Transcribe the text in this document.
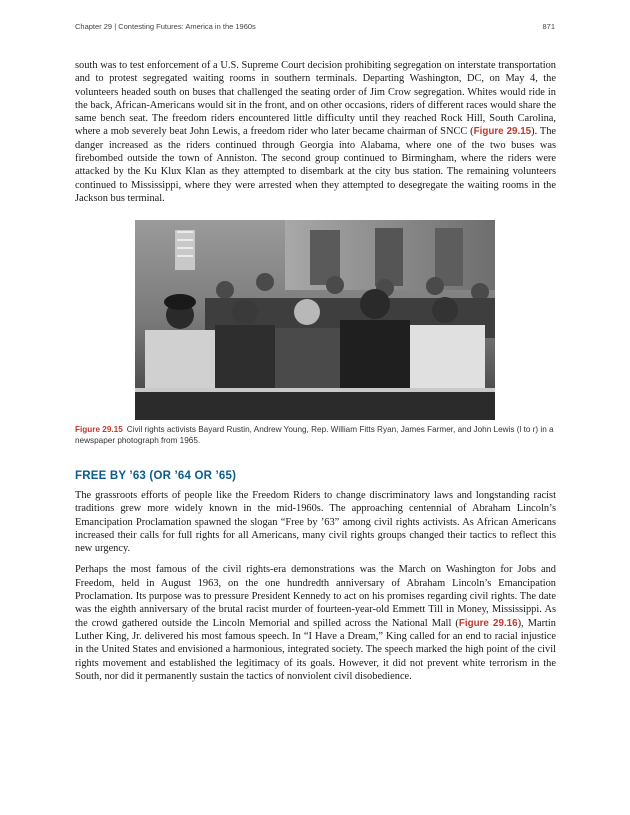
Chapter 29 | Contesting Futures: America in the 1960s	871

south was to test enforcement of a U.S. Supreme Court decision prohibiting segregation on interstate transportation and to protest segregated waiting rooms in southern terminals. Departing Washington, DC, on May 4, the volunteers headed south on buses that challenged the seating order of Jim Crow segregation. Whites would ride in the back, African-Americans would sit in the front, and on other occasions, riders of different races would share the same bench seat. The freedom riders encountered little difficulty until they reached Rock Hill, South Carolina, where a mob severely beat John Lewis, a freedom rider who later became chairman of SNCC (Figure 29.15). The danger increased as the riders continued through Georgia into Alabama, where one of the two buses was firebombed outside the town of Anniston. The second group continued to Birmingham, where the riders were attacked by the Ku Klux Klan as they attempted to disembark at the city bus station. The remaining volunteers continued to Mississippi, where they were arrested when they attempted to desegregate the waiting rooms in the Jackson bus terminal.

Figure 29.15 Civil rights activists Bayard Rustin, Andrew Young, Rep. William Fitts Ryan, James Farmer, and John Lewis (l to r) in a newspaper photograph from 1965.
FREE BY ’63 (OR ’64 OR ’65)

The grassroots efforts of people like the Freedom Riders to change discriminatory laws and longstanding racist traditions grew more widely known in the mid-1960s. The approaching centennial of Abraham Lincoln’s Emancipation Proclamation spawned the slogan “Free by ’63” among civil rights activists. As African Americans increased their calls for full rights for all Americans, many civil rights groups changed their tactics to reflect this new urgency.

Perhaps the most famous of the civil rights-era demonstrations was the March on Washington for Jobs and Freedom, held in August 1963, on the one hundredth anniversary of Abraham Lincoln’s Emancipation Proclamation. Its purpose was to pressure President Kennedy to act on his promises regarding civil rights. The date was the eighth anniversary of the brutal racist murder of fourteen-year-old Emmett Till in Money, Mississippi. As the crowd gathered outside the Lincoln Memorial and spilled across the National Mall (Figure 29.16), Martin Luther King, Jr. delivered his most famous speech. In “I Have a Dream,” King called for an end to racial injustice in the United States and envisioned a harmonious, integrated society. The speech marked the high point of the civil rights movement and established the legitimacy of its goals. However, it did not prevent white terrorism in the South, nor did it permanently sustain the tactics of nonviolent civil disobedience.
